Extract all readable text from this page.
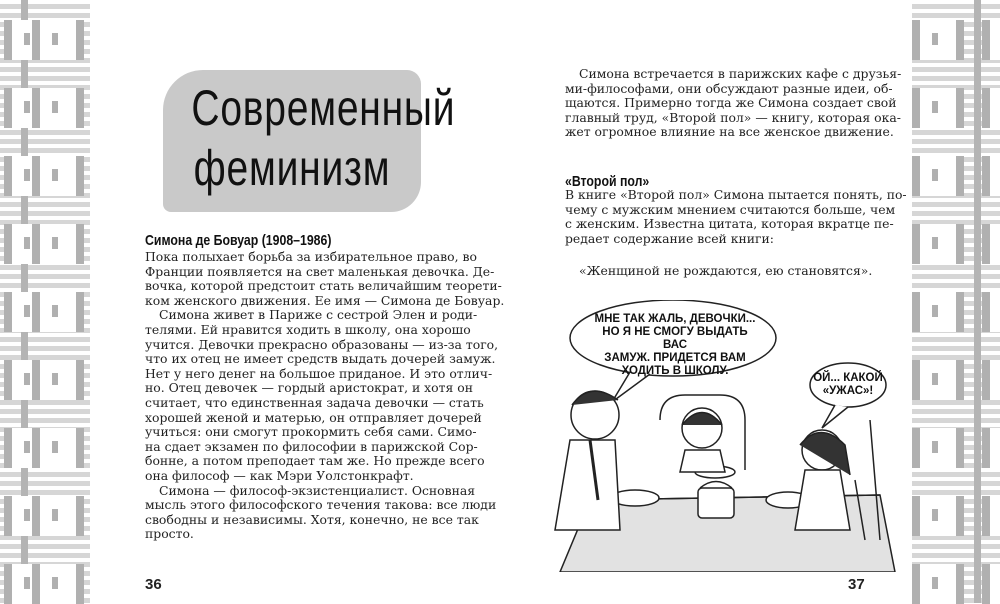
Современный
феминизм
Симона де Бовуар (1908–1986)
Пока полыхает борьба за избирательное право, во
Франции появляется на свет маленькая девочка. Де-
вочка, которой предстоит стать величайшим теорети-
ком женского движения. Ее имя — Симона де Бовуар.
Симона живет в Париже с сестрой Элен и роди-
телями. Ей нравится ходить в школу, она хорошо
учится. Девочки прекрасно образованы — из-за того,
что их отец не имеет средств выдать дочерей замуж.
Нет у него денег на большое приданое. И это отлич-
но. Отец девочек — гордый аристократ, и хотя он
считает, что единственная задача девочки — стать
хорошей женой и матерью, он отправляет дочерей
учиться: они смогут прокормить себя сами. Симо-
на сдает экзамен по философии в парижской Сор-
бонне, а потом преподает там же. Но прежде всего
она философ — как Мэри Уолстонкрафт.
Симона — философ-экзистенциалист. Основная
мысль этого философского течения такова: все люди
свободны и независимы. Хотя, конечно, не все так
просто.
36
Симона встречается в парижских кафе с друзья-
ми-философами, они обсуждают разные идеи, об-
щаются. Примерно тогда же Симона создает свой
главный труд, «Второй пол» — книгу, которая ока-
жет огромное влияние на все женское движение.
«Второй пол»
В книге «Второй пол» Симона пытается понять, по-
чему с мужским мнением считаются больше, чем
с женским. Известна цитата, которая вкратце пе-
редает содержание всей книги:
«Женщиной не рождаются, ею становятся».
МНЕ ТАК ЖАЛЬ, ДЕВОЧКИ...
НО Я НЕ СМОГУ ВЫДАТЬ ВАС
ЗАМУЖ. ПРИДЕТСЯ ВАМ
ХОДИТЬ В ШКОЛУ.
ОЙ... КАКОЙ
«УЖАС»!
37
